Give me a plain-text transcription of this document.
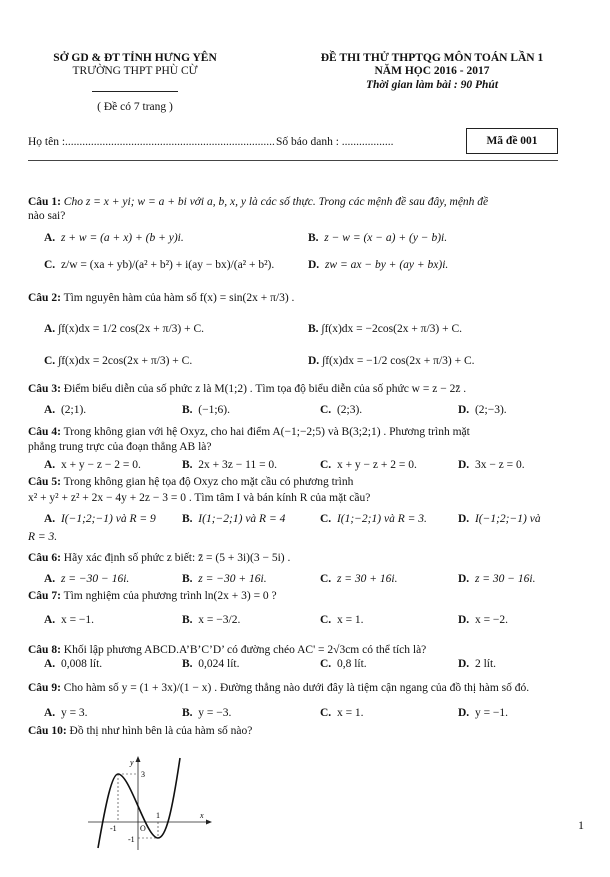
SỞ GD & ĐT TỈNH HƯNG YÊN
TRƯỜNG THPT PHÙ CỪ
( Đề có 7 trang )
ĐỀ THI THỬ THPTQG MÔN TOÁN LẦN 1
NĂM HỌC 2016 - 2017
Thời gian làm bài : 90 Phút
Họ tên :......................................................................... Số báo danh : ..................	Mã đề 001
Câu 1: Cho z = x + yi; w = a + bi với a, b, x, y là các số thực. Trong các mệnh đề sau đây, mệnh đề
nào sai?
A. z + w = (a + x) + (b + y)i.	B. z − w = (x − a) + (y − b)i.
C. z/w = (xa + yb)/(a² + b²) + i(ay − bx)/(a² + b²).	D. zw = ax − by + (ay + bx)i.
Câu 2: Tìm nguyên hàm của hàm số f(x) = sin(2x + π/3) .
A. ∫f(x)dx = 1/2 cos(2x + π/3) + C.	B. ∫f(x)dx = −2cos(2x + π/3) + C.
C. ∫f(x)dx = 2cos(2x + π/3) + C.	D. ∫f(x)dx = −1/2 cos(2x + π/3) + C.
Câu 3: Điểm biểu diễn của số phức z là M(1;2) . Tìm tọa độ biểu diễn của số phức w = z − 2z̄ .
A. (2;1).	B. (−1;6).	C. (2;3).	D. (2;−3).
Câu 4: Trong không gian với hệ Oxyz, cho hai điểm A(−1;−2;5) và B(3;2;1) . Phương trình mặt
phẳng trung trực của đoạn thẳng AB là?
A. x + y − z − 2 = 0.	B. 2x + 3z − 11 = 0.	C. x + y − z + 2 = 0.	D. 3x − z = 0.
Câu 5: Trong không gian hệ tọa độ Oxyz cho mặt cầu có phương trình
x² + y² + z² + 2x − 4y + 2z − 3 = 0 . Tìm tâm I và bán kính R của mặt cầu?
A. I(−1;2;−1) và R = 9 B. I(1;−2;1) và R = 4	C. I(1;−2;1) và R = 3.	D. I(−1;2;−1) và
R = 3.
Câu 6: Hãy xác định số phức z biết: z̄ = (5 + 3i)(3 − 5i) .
A. z = −30 − 16i.	B. z = −30 + 16i.	C. z = 30 + 16i.	D. z = 30 − 16i.
Câu 7: Tìm nghiệm của phương trình ln(2x + 3) = 0 ?
A. x = −1.	B. x = −3/2.	C. x = 1.	D. x = −2.
Câu 8: Khối lập phương ABCD.A’B’C’D’ có đường chéo AC' = 2√3cm có thể tích là?
A. 0,008 lít.	B. 0,024 lít.	C. 0,8 lít.	D. 2 lít.
Câu 9: Cho hàm số y = (1 + 3x)/(1 − x) . Đường thẳng nào dưới đây là tiệm cận ngang của đồ thị hàm số đó.
A. y = 3.	B. y = −3.	C. x = 1.	D. y = −1.
Câu 10: Đồ thị như hình bên là của hàm số nào?
y
3
x
-1	O
1
-1
1
